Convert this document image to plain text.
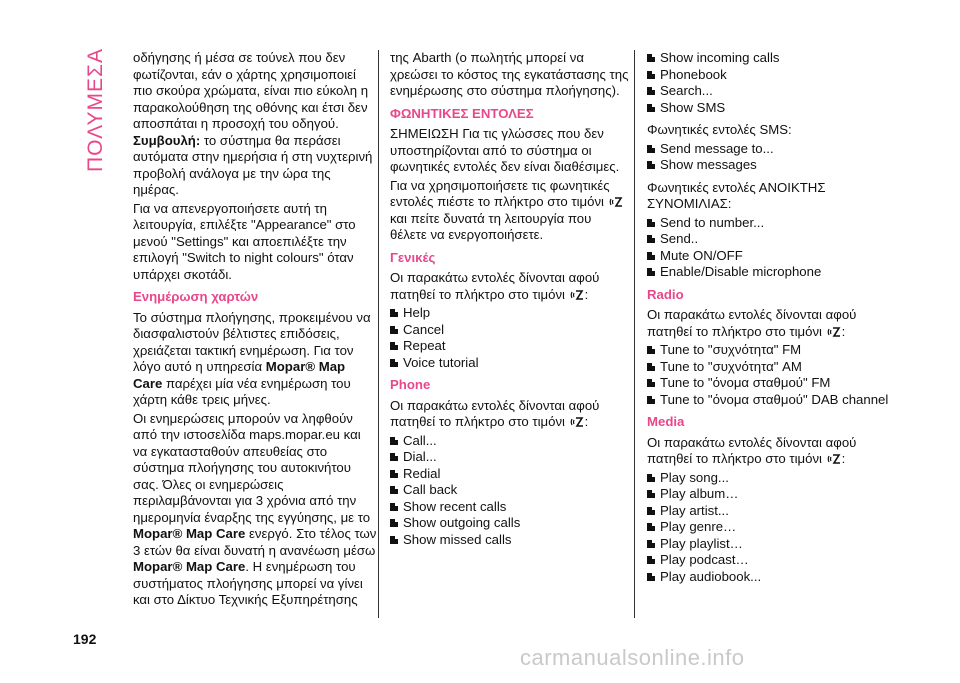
ΠΟΛΥΜΕΣΑ οδήγησης ή μέσα σε τούνελ που δεν φωτίζονται, εάν ο χάρτης χρησιμοποιεί πιο σκούρα χρώματα, είναι πιο εύκολη η παρακολούθηση της οθόνης και έτσι δεν αποσπάται η προσοχή του οδηγού. Συμβουλή: το σύστημα θα περάσει αυτόματα στην ημερήσια ή στη νυχτερινή προβολή ανάλογα με την ώρα της ημέρας.

Για να απενεργοποιήσετε αυτή τη λειτουργία, επιλέξτε "Appearance" στο μενού "Settings" και αποεπιλέξτε την επιλογή "Switch to night colours" όταν υπάρχει σκοτάδι.

Ενημέρωση χαρτών

Το σύστημα πλοήγησης, προκειμένου να διασφαλιστούν βέλτιστες επιδόσεις, χρειάζεται τακτική ενημέρωση. Για τον λόγο αυτό η υπηρεσία Mopar® Map Care παρέχει μία νέα ενημέρωση του χάρτη κάθε τρεις μήνες.

Οι ενημερώσεις μπορούν να ληφθούν από την ιστοσελίδα maps.mopar.eu και να εγκατασταθούν απευθείας στο σύστημα πλοήγησης του αυτοκινήτου σας. Όλες οι ενημερώσεις περιλαμβάνονται για 3 χρόνια από την ημερομηνία έναρξης της εγγύησης, με το Mopar® Map Care ενεργό. Στο τέλος των 3 ετών θα είναι δυνατή η ανανέωση μέσω Mopar® Map Care. Η ενημέρωση του συστήματος πλοήγησης μπορεί να γίνει και στο Δίκτυο Τεχνικής Εξυπηρέτησης

της Abarth (ο πωλητής μπορεί να χρεώσει το κόστος της εγκατάστασης της ενημέρωσης στο σύστημα πλοήγησης).

ΦΩΝΗΤΙΚΕΣ ΕΝΤΟΛΕΣ

ΣΗΜΕΙΩΣΗ Για τις γλώσσες που δεν υποστηρίζονται από το σύστημα οι φωνητικές εντολές δεν είναι διαθέσιμες.

Για να χρησιμοποιήσετε τις φωνητικές εντολές πιέστε το πλήκτρο στο τιμόνι  και πείτε δυνατά τη λειτουργία που θέλετε να ενεργοποιήσετε.

Γενικές

Οι παρακάτω εντολές δίνονται αφού πατηθεί το πλήκτρο στο τιμόνι :

Help
Cancel
Repeat
Voice tutorial
Phone

Οι παρακάτω εντολές δίνονται αφού πατηθεί το πλήκτρο στο τιμόνι :

Call...
Dial...
Redial
Call back
Show recent calls
Show outgoing calls
Show missed calls
Show incoming calls
Phonebook
Search...
Show SMS

Φωνητικές εντολές SMS:

Send message to...
Show messages

Φωνητικές εντολές ΑΝΟΙΚΤΗΣ ΣΥΝΟΜΙΛΙΑΣ:

Send to number...
Send..
Mute ON/OFF
Enable/Disable microphone
Radio

Οι παρακάτω εντολές δίνονται αφού πατηθεί το πλήκτρο στο τιμόνι :

Tune to "συχνότητα" FM
Tune to "συχνότητα" AM
Tune to "όνομα σταθμού" FM
Tune to "όνομα σταθμού" DAB channel
Media

Οι παρακάτω εντολές δίνονται αφού πατηθεί το πλήκτρο στο τιμόνι :

Play song...
Play album…
Play artist...
Play genre…
Play playlist…
Play podcast…
Play audiobook...
192
carmanualsonline.info
